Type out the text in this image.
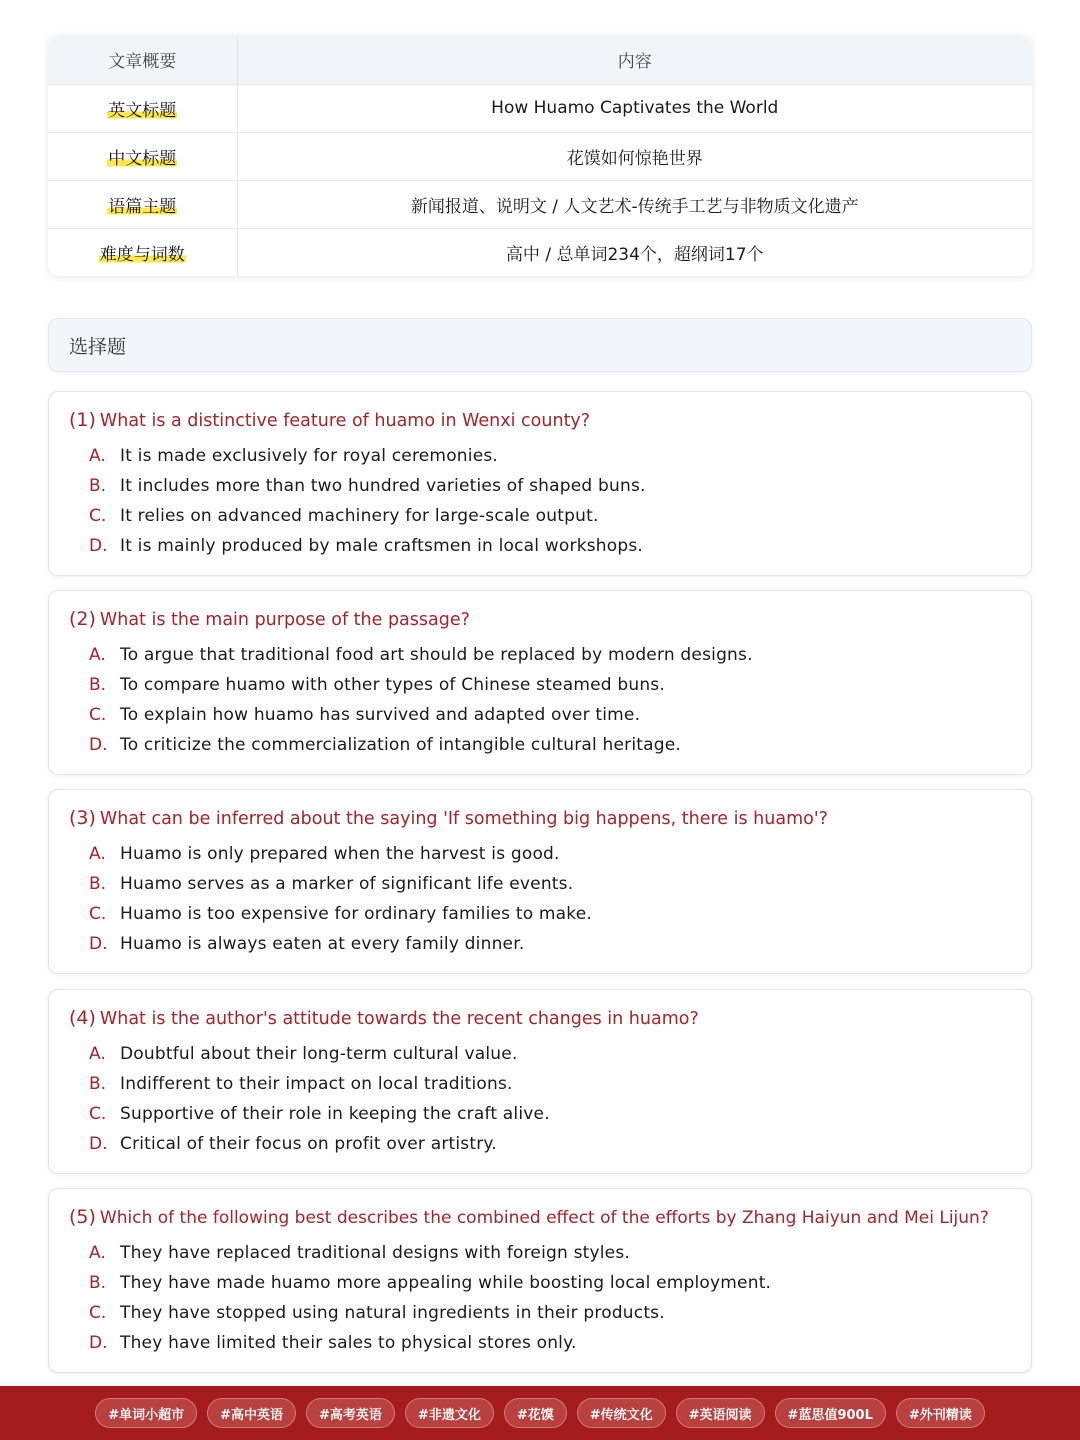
文章概要	内容
英文标题	How Huamo Captivates the World
中文标题	花馍如何惊艳世界
语篇主题	新闻报道、说明文 / 人文艺术-传统手工艺与非物质文化遗产
难度与词数	高中 / 总单词234个，超纲词17个
选择题
(1) What is a distinctive feature of huamo in Wenxi county?
A. It is made exclusively for royal ceremonies.
B. It includes more than two hundred varieties of shaped buns.
C. It relies on advanced machinery for large-scale output.
D. It is mainly produced by male craftsmen in local workshops.
(2) What is the main purpose of the passage?
A. To argue that traditional food art should be replaced by modern designs.
B. To compare huamo with other types of Chinese steamed buns.
C. To explain how huamo has survived and adapted over time.
D. To criticize the commercialization of intangible cultural heritage.
(3) What can be inferred about the saying 'If something big happens, there is huamo'?
A. Huamo is only prepared when the harvest is good.
B. Huamo serves as a marker of significant life events.
C. Huamo is too expensive for ordinary families to make.
D. Huamo is always eaten at every family dinner.
(4) What is the author's attitude towards the recent changes in huamo?
A. Doubtful about their long-term cultural value.
B. Indifferent to their impact on local traditions.
C. Supportive of their role in keeping the craft alive.
D. Critical of their focus on profit over artistry.
(5) Which of the following best describes the combined effect of the efforts by Zhang Haiyun and Mei Lijun?
A. They have replaced traditional designs with foreign styles.
B. They have made huamo more appealing while boosting local employment.
C. They have stopped using natural ingredients in their products.
D. They have limited their sales to physical stores only.
#单词小超市	#高中英语	#高考英语	#非遗文化	#花馍	#传统文化	#英语阅读	#蓝思值900L	#外刊精读
